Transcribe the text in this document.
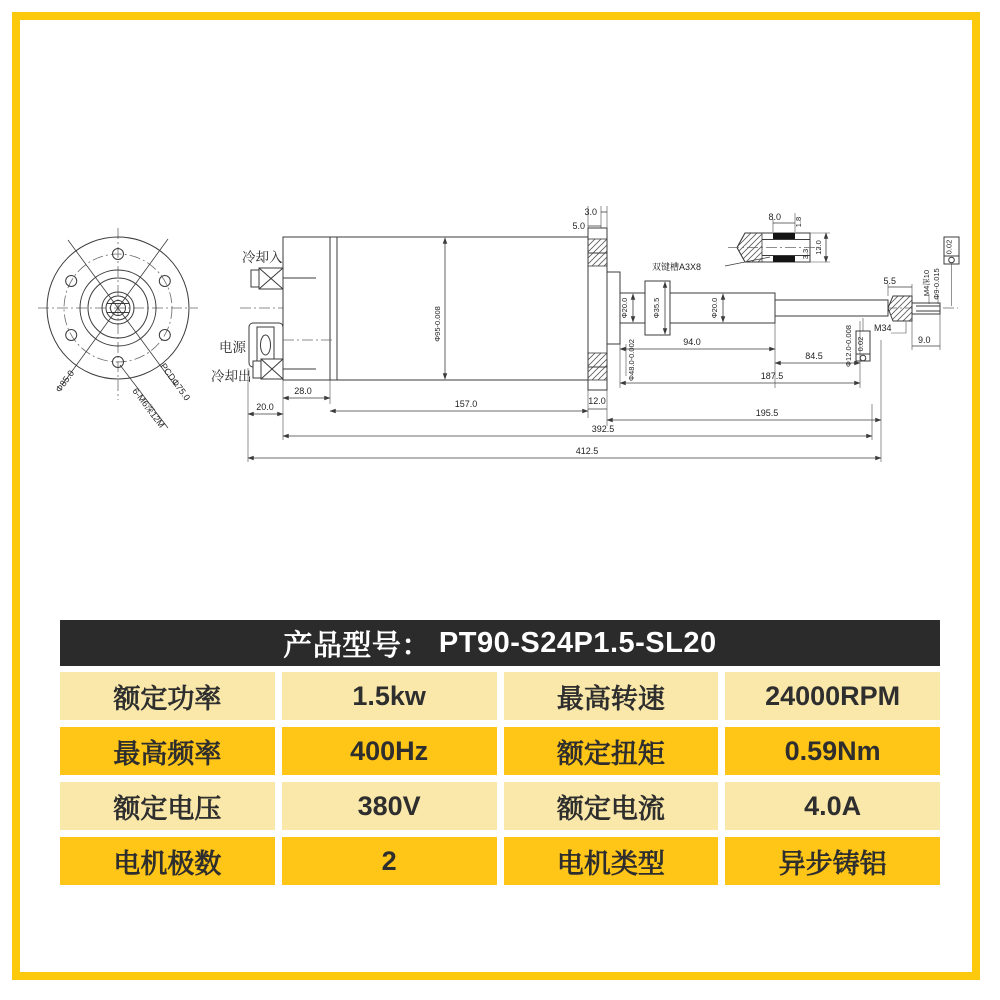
Φ85.0	PCDΦ75.0
6-M6深12M
Φ95-0.008
冷却入
电源
冷却出
3.0
5.0
Φ20.0	Φ35.5	Φ20.0
Φ48.0-0.002
8.0 1.8
12.0
3.3
双键槽A3X8
5.5	M4深10 Φ9-0.015
0.02
9.0
M34
Φ12.0-0.008 0.02
28.0
20.0	157.0	12.0
195.5
392.5
412.5
94.0
84.5
187.5
产品型号： PT90-S24P1.5-SL20
额定功率	1.5kw	最高转速	24000RPM
最高频率	400Hz	额定扭矩	0.59Nm
额定电压	380V	额定电流	4.0A
电机极数	2	电机类型	异步铸铝
